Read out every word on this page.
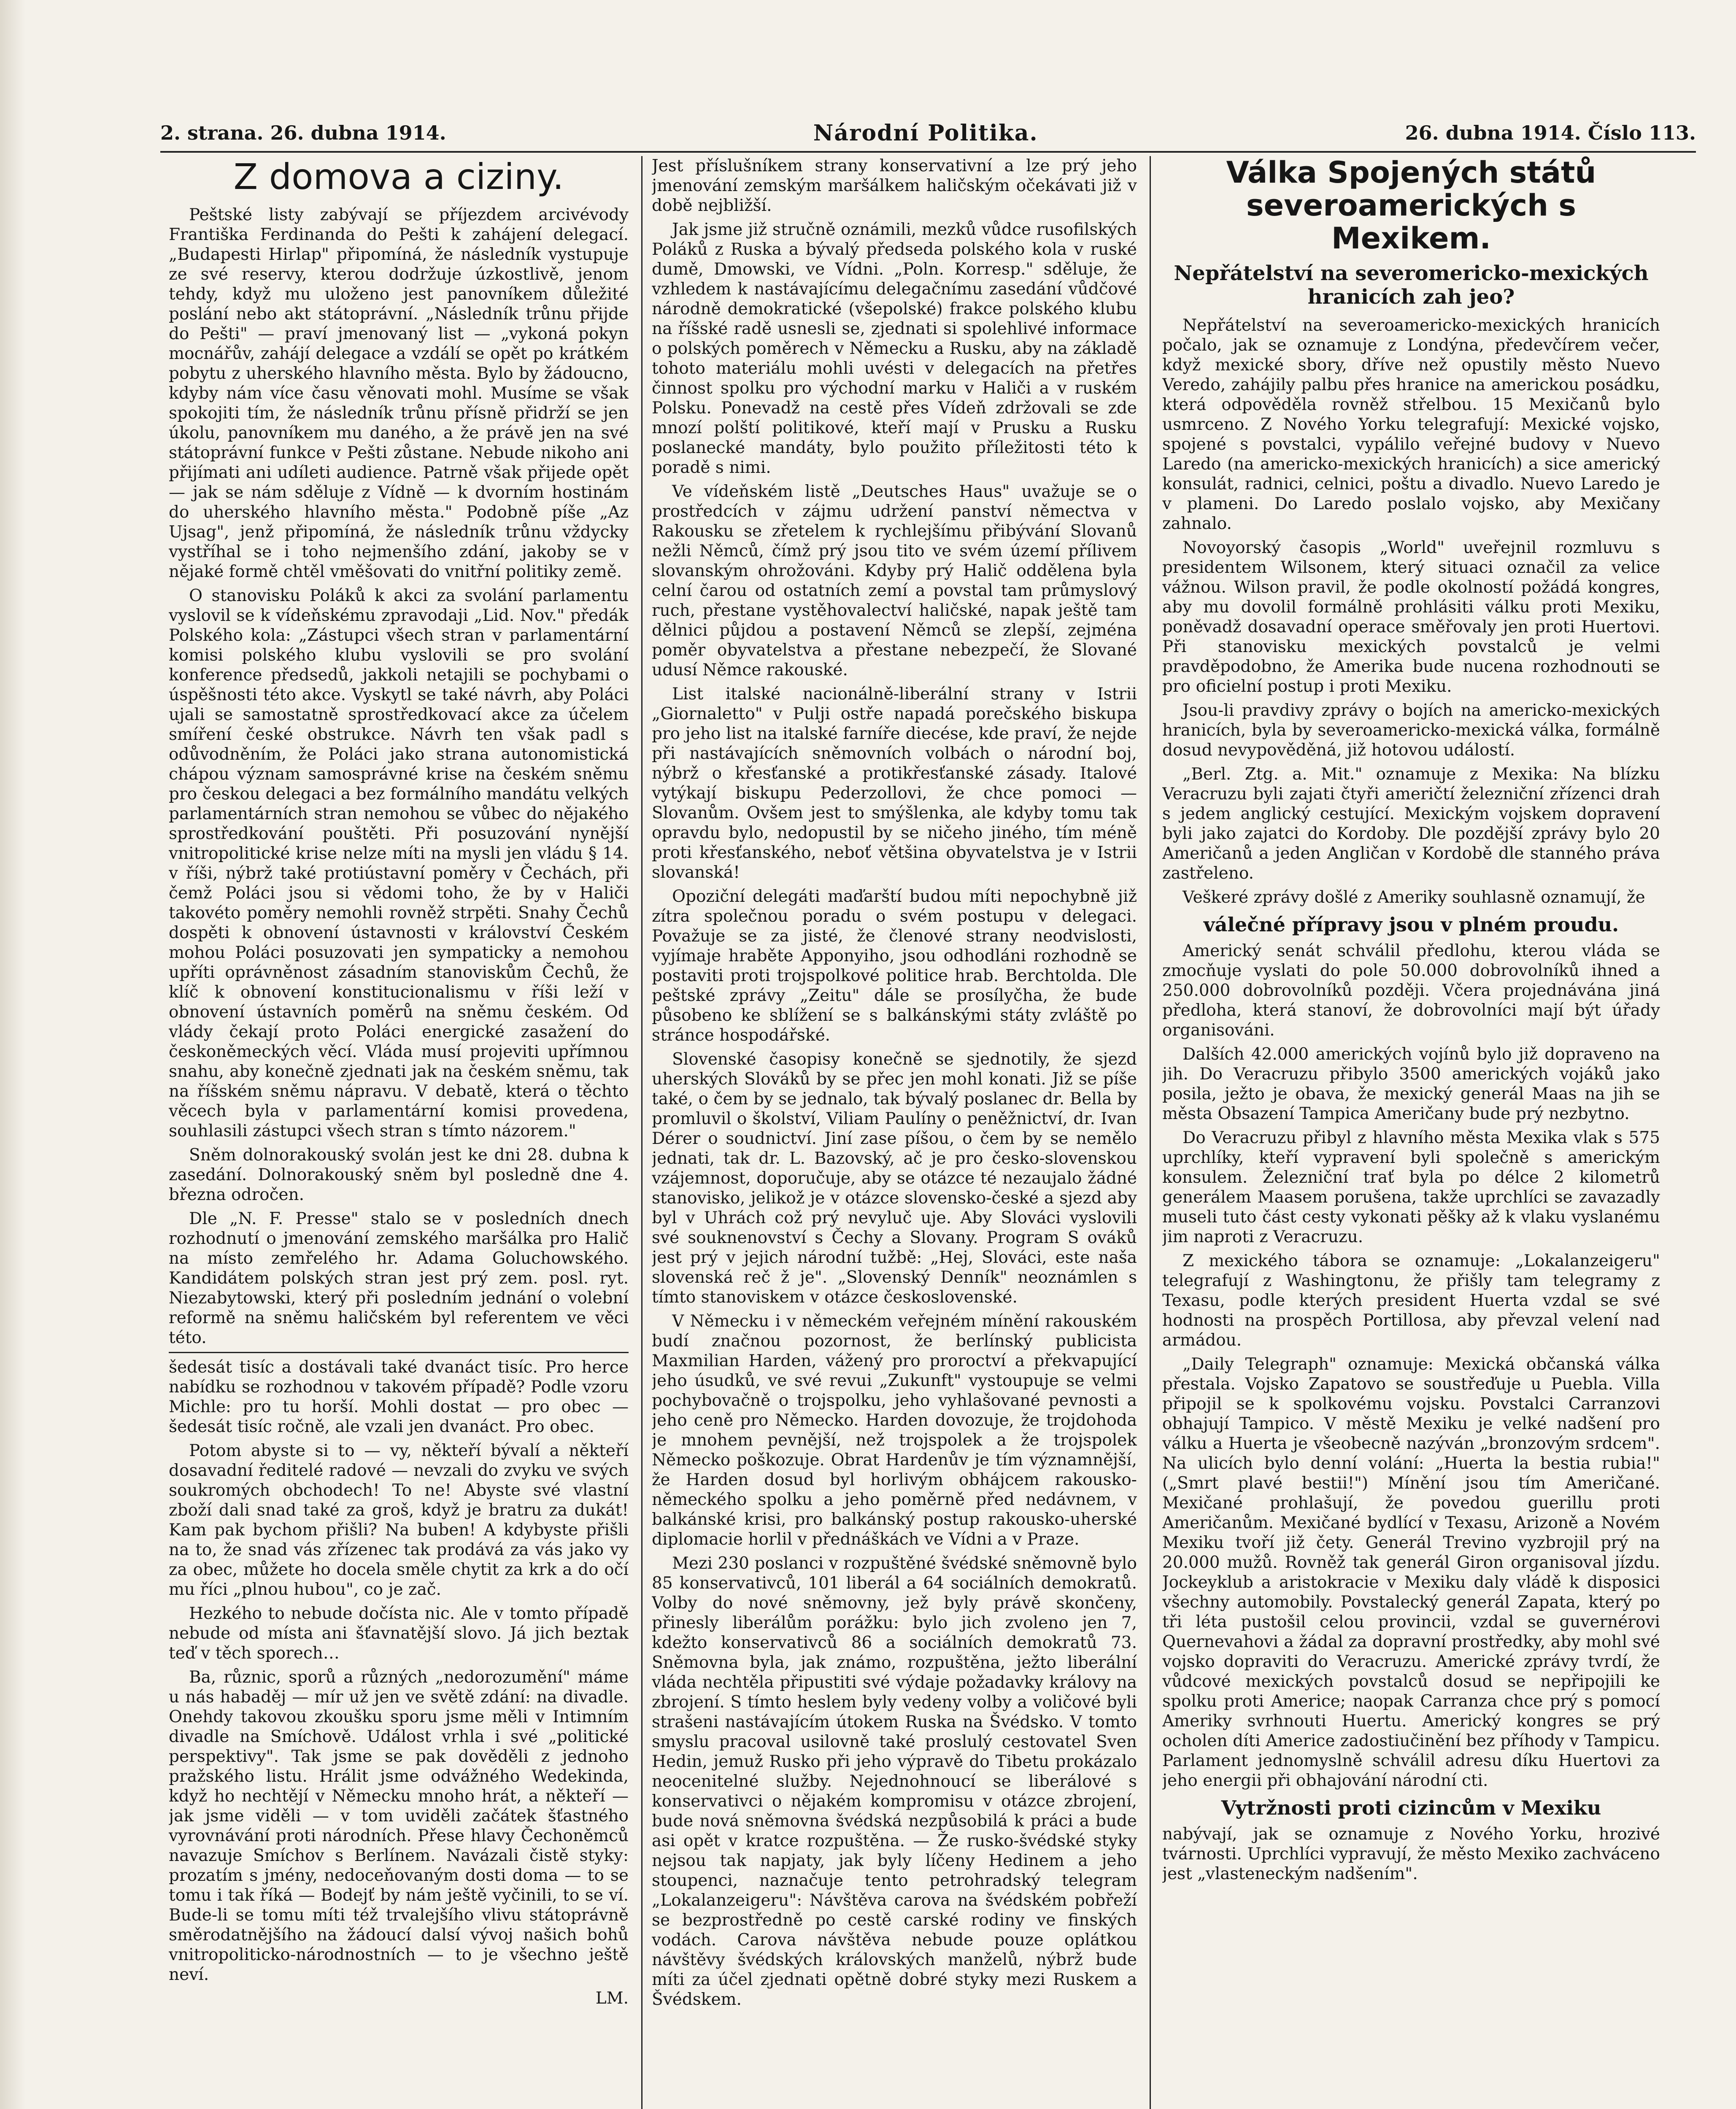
2. strana. 26. dubna 1914.	Národní Politika.	26. dubna 1914. Číslo 113.
Z domova a ciziny.

Peštské listy zabývají se příjezdem arcivévody Františka Ferdinanda do Pešti k zahájení delegací. „Budapesti Hirlap" připomíná, že následník vystupuje ze své reservy, kterou dodržuje úzkostlivě, jenom tehdy, když mu uloženo jest panovníkem důležité poslání nebo akt státoprávní. „Následník trůnu přijde do Pešti" — praví jmenovaný list — „vykoná pokyn mocnářův, zahájí delegace a vzdálí se opět po krátkém pobytu z uherského hlavního města. Bylo by žádoucno, kdyby nám více času věnovati mohl. Musíme se však spokojiti tím, že následník trůnu přísně přidrží se jen úkolu, panovníkem mu daného, a že právě jen na své státoprávní funkce v Pešti zůstane. Nebude nikoho ani přijímati ani udíleti audience. Patrně však přijede opět — jak se nám sděluje z Vídně — k dvorním hostinám do uherského hlavního města." Podobně píše „Az Ujsag", jenž připomíná, že následník trůnu vždycky vystříhal se i toho nejmenšího zdání, jakoby se v nějaké formě chtěl vměšovati do vnitřní politiky země.

O stanovisku Poláků k akci za svolání parlamentu vyslovil se k vídeňskému zpravodaji „Lid. Nov." předák Polského kola: „Zástupci všech stran v parlamentární komisi polského klubu vyslovili se pro svolání konference předsedů, jakkoli netajili se pochybami o úspěšnosti této akce. Vyskytl se také návrh, aby Poláci ujali se samostatně sprostředkovací akce za účelem smíření české obstrukce. Návrh ten však padl s odůvodněním, že Poláci jako strana autonomistická chápou význam samosprávné krise na českém sněmu pro českou delegaci a bez formálního mandátu velkých parlamentárních stran nemohou se vůbec do nějakého sprostředkování pouštěti. Při posuzování nynější vnitropolitické krise nelze míti na mysli jen vládu § 14. v říši, nýbrž také protiústavní poměry v Čechách, při čemž Poláci jsou si vědomi toho, že by v Haliči takovéto poměry nemohli rovněž strpěti. Snahy Čechů dospěti k obnovení ústavnosti v království Českém mohou Poláci posuzovati jen sympaticky a nemohou upříti oprávněnost zásadním stanoviskům Čechů, že klíč k obnovení konstitucionalismu v říši leží v obnovení ústavních poměrů na sněmu českém. Od vlády čekají proto Poláci energické zasažení do českoněmeckých věcí. Vláda musí projeviti upřímnou snahu, aby konečně zjednati jak na českém sněmu, tak na říšském sněmu nápravu. V debatě, která o těchto věcech byla v parlamentární komisi provedena, souhlasili zástupci všech stran s tímto názorem."

Sněm dolnorakouský svolán jest ke dni 28. dubna k zasedání. Dolnorakouský sněm byl posledně dne 4. března odročen.

Dle „N. F. Presse" stalo se v posledních dnech rozhodnutí o jmenování zemského maršálka pro Halič na místo zemřelého hr. Adama Goluchowského. Kandidátem polských stran jest prý zem. posl. ryt. Niezabytowski, který při posledním jednání o volební reformě na sněmu haličském byl referentem ve věci této.

šedesát tisíc a dostávali také dvanáct tisíc. Pro herce nabídku se rozhodnou v takovém případě? Podle vzoru Michle: pro tu horší. Mohli dostat — pro obec — šedesát tisíc ročně, ale vzali jen dvanáct. Pro obec.

Potom abyste si to — vy, někteří bývalí a někteří dosavadní ředitelé radové — nevzali do zvyku ve svých soukromých obchodech! To ne! Abyste své vlastní zboží dali snad také za groš, když je bratru za dukát! Kam pak bychom přišli? Na buben! A kdybyste přišli na to, že snad vás zřízenec tak prodává za vás jako vy za obec, můžete ho docela směle chytit za krk a do očí mu říci „plnou hubou", co je zač.

Hezkého to nebude dočísta nic. Ale v tomto případě nebude od místa ani šťavnatější slovo. Já jich beztak teď v těch sporech…

Ba, různic, sporů a různých „nedorozumění" máme u nás habaděj — mír už jen ve světě zdání: na divadle. Onehdy takovou zkoušku sporu jsme měli v Intimním divadle na Smíchově. Událost vrhla i své „politické perspektivy". Tak jsme se pak dověděli z jednoho pražského listu. Hrálit jsme odvážného Wedekinda, když ho nechtějí v Německu mnoho hrát, a někteří — jak jsme viděli — v tom uviděli začátek šťastného vyrovnávání proti národních. Přese hlavy Čechoněmců navazuje Smíchov s Berlínem. Navázali čistě styky: prozatím s jmény, nedoceňovaným dosti doma — to se tomu i tak říká — Bodejť by nám ještě vyčinili, to se ví. Bude-li se tomu míti též trvalejšího vlivu státoprávně směrodatnějšího na žádoucí dalsí vývoj našich bohů vnitropoliticko-národnostních — to je všechno ještě neví.

LM.

Jest příslušníkem strany konservativní a lze prý jeho jmenování zemským maršálkem haličským očekávati již v době nejbližší.

Jak jsme již stručně oznámili, mezků vůdce rusofilských Poláků z Ruska a bývalý předseda polského kola v ruské dumě, Dmowski, ve Vídni. „Poln. Korresp." sděluje, že vzhledem k nastávajícímu delegačnímu zasedání vůdčové národně demokratické (všepolské) frakce polského klubu na říšské radě usnesli se, zjednati si spolehlivé informace o polských poměrech v Německu a Rusku, aby na základě tohoto materiálu mohli uvésti v delegacích na přetřes činnost spolku pro východní marku v Haliči a v ruském Polsku. Ponevadž na cestě přes Vídeň zdržovali se zde mnozí polští politikové, kteří mají v Prusku a Rusku poslanecké mandáty, bylo použito příležitosti této k poradě s nimi.

Ve vídeňském listě „Deutsches Haus" uvažuje se o prostředcích v zájmu udržení panství němectva v Rakousku se zřetelem k rychlejšímu přibývání Slovanů nežli Němců, čímž prý jsou tito ve svém území přílivem slovanským ohrožováni. Kdyby prý Halič oddělena byla celní čarou od ostatních zemí a povstal tam průmyslový ruch, přestane vystěhovalectví haličské, napak ještě tam dělnici půjdou a postavení Němců se zlepší, zejména poměr obyvatelstva a přestane nebezpečí, že Slované udusí Němce rakouské.

List italské nacionálně-liberální strany v Istrii „Giornaletto" v Pulji ostře napadá porečského biskupa pro jeho list na italské farníře diecése, kde praví, že nejde při nastávajících sněmovních volbách o národní boj, nýbrž o křesťanské a protikřesťanské zásady. Italové vytýkají biskupu Pederzollovi, že chce pomoci — Slovanům. Ovšem jest to smýšlenka, ale kdyby tomu tak opravdu bylo, nedopustil by se ničeho jiného, tím méně proti křesťanského, neboť většina obyvatelstva je v Istrii slovanská!

Opoziční delegáti maďarští budou míti nepochybně již zítra společnou poradu o svém postupu v delegaci. Považuje se za jisté, že členové strany neodvislosti, vyjímaje hraběte Apponyiho, jsou odhodláni rozhodně se postaviti proti trojspolkové politice hrab. Berchtolda. Dle peštské zprávy „Zeitu" dále se prosílyčha, že bude působeno ke sblížení se s balkánskými státy zvláště po stránce hospodářské.

Slovenské časopisy konečně se sjednotily, že sjezd uherských Slováků by se přec jen mohl konati. Již se píše také, o čem by se jednalo, tak bývalý poslanec dr. Bella by promluvil o školství, Viliam Paulíny o peněžnictví, dr. Ivan Dérer o soudnictví. Jiní zase píšou, o čem by se nemělo jednati, tak dr. L. Bazovský, ač je pro česko-slovenskou vzájemnost, doporučuje, aby se otázce té nezaujalo žádné stanovisko, jelikož je v otázce slovensko-české a sjezd aby byl v Uhrách což prý nevyluč uje. Aby Slováci vyslovili své souknenovství s Čechy a Slovany. Program S ováků jest prý v jejich národní tužbě: „Hej, Slováci, este naša slovenská reč ž je". „Slovenský Denník" neoznámlen s tímto stanoviskem v otázce československé.

V Německu i v německém veřejném mínění rakouském budí značnou pozornost, že berlínský publicista Maxmilian Harden, vážený pro proroctví a překvapující jeho úsudků, ve své revui „Zukunft" vystoupuje se velmi pochybovačně o trojspolku, jeho vyhlašované pevnosti a jeho ceně pro Německo. Harden dovozuje, že trojdohoda je mnohem pevnější, než trojspolek a že trojspolek Německo poškozuje. Obrat Hardenův je tím významnější, že Harden dosud byl horlivým obhájcem rakousko-německého spolku a jeho poměrně před nedávnem, v balkánské krisi, pro balkánský postup rakousko-uherské diplomacie horlil v přednáškách ve Vídni a v Praze.

Mezi 230 poslanci v rozpuštěné švédské sněmovně bylo 85 konservativců, 101 liberál a 64 sociálních demokratů. Volby do nové sněmovny, jež byly právě skončeny, přinesly liberálům porážku: bylo jich zvoleno jen 7, kdežto konservativců 86 a sociálních demokratů 73. Sněmovna byla, jak známo, rozpuštěna, ježto liberální vláda nechtěla připustiti své výdaje požadavky královy na zbrojení. S tímto heslem byly vedeny volby a voličové byli strašeni nastávajícím útokem Ruska na Švédsko. V tomto smyslu pracoval usilovně také proslulý cestovatel Sven Hedin, jemuž Rusko při jeho výpravě do Tibetu prokázalo neocenitelné služby. Nejednohnoucí se liberálové s konservativci o nějakém kompromisu v otázce zbrojení, bude nová sněmovna švédská nezpůsobilá k práci a bude asi opět v kratce rozpuštěna. — Že rusko-švédské styky nejsou tak napjaty, jak byly líčeny Hedinem a jeho stoupenci, naznačuje tento petrohradský telegram „Lokalanzeigeru": Návštěva carova na švédském pobřeží se bezprostředně po cestě carské rodiny ve finských vodách. Carova návštěva nebude pouze oplátkou návštěvy švédských královských manželů, nýbrž bude míti za účel zjednati opětně dobré styky mezi Ruskem a Švédskem.

Válka Spojených států severoamerických s Mexikem.
Nepřátelství na severomericko-mexických hranicích zah jeo?

Nepřátelství na severoamericko-mexických hranicích počalo, jak se oznamuje z Londýna, předevčírem večer, když mexické sbory, dříve než opustily město Nuevo Veredo, zahájily palbu přes hranice na americkou posádku, která odpověděla rovněž střelbou. 15 Mexičanů bylo usmrceno. Z Nového Yorku telegrafují: Mexické vojsko, spojené s povstalci, vypálilo veřejné budovy v Nuevo Laredo (na americko-mexických hranicích) a sice americký konsulát, radnici, celnici, poštu a divadlo. Nuevo Laredo je v plameni. Do Laredo poslalo vojsko, aby Mexičany zahnalo.

Novoyorský časopis „World" uveřejnil rozmluvu s presidentem Wilsonem, který situaci označil za velice vážnou. Wilson pravil, že podle okolností požádá kongres, aby mu dovolil formálně prohlásiti válku proti Mexiku, poněvadž dosavadní operace směřovaly jen proti Huertovi. Při stanovisku mexických povstalců je velmi pravděpodobno, že Amerika bude nucena rozhodnouti se pro oficielní postup i proti Mexiku.

Jsou-li pravdivy zprávy o bojích na americko-mexických hranicích, byla by severoamericko-mexická válka, formálně dosud nevypověděná, již hotovou událostí.

„Berl. Ztg. a. Mit." oznamuje z Mexika: Na blízku Veracruzu byli zajati čtyři američtí železniční zřízenci drah s jedem anglický cestující. Mexickým vojskem dopravení byli jako zajatci do Kordoby. Dle pozdější zprávy bylo 20 Američanů a jeden Angličan v Kordobě dle stanného práva zastřeleno.

Veškeré zprávy došlé z Ameriky souhlasně oznamují, že

válečné přípravy jsou v plném proudu.

Americký senát schválil předlohu, kterou vláda se zmocňuje vyslati do pole 50.000 dobrovolníků ihned a 250.000 dobrovolníků později. Včera projednávána jiná předloha, která stanoví, že dobrovolníci mají být úřady organisováni.

Dalších 42.000 amerických vojínů bylo již dopraveno na jih. Do Veracruzu přibylo 3500 amerických vojáků jako posila, ježto je obava, že mexický generál Maas na jih se města Obsazení Tampica Američany bude prý nezbytno.

Do Veracruzu přibyl z hlavního města Mexika vlak s 575 uprchlíky, kteří vypravení byli společně s americkým konsulem. Železniční trať byla po délce 2 kilometrů generálem Maasem porušena, takže uprchlíci se zavazadly museli tuto část cesty vykonati pěšky až k vlaku vyslanému jim naproti z Veracruzu.

Z mexického tábora se oznamuje: „Lokalanzeigeru" telegrafují z Washingtonu, že přišly tam telegramy z Texasu, podle kterých president Huerta vzdal se své hodnosti na prospěch Portillosa, aby převzal velení nad armádou.

„Daily Telegraph" oznamuje: Mexická občanská válka přestala. Vojsko Zapatovo se soustřeďuje u Puebla. Villa připojil se k spolkovému vojsku. Povstalci Carranzovi obhajují Tampico. V městě Mexiku je velké nadšení pro válku a Huerta je všeobecně nazýván „bronzovým srdcem". Na ulicích bylo denní volání: „Huerta la bestia rubia!" („Smrt plavé bestii!") Mínění jsou tím Američané. Mexičané prohlašují, že povedou guerillu proti Američanům. Mexičané bydlící v Texasu, Arizoně a Novém Mexiku tvoří již čety. Generál Trevino vyzbrojil prý na 20.000 mužů. Rovněž tak generál Giron organisoval jízdu. Jockeyklub a aristokracie v Mexiku daly vládě k disposici všechny automobily. Povstalecký generál Zapata, který po tři léta pustošil celou provincii, vzdal se guvernérovi Quernevahovi a žádal za dopravní prostředky, aby mohl své vojsko dopraviti do Veracruzu. Americké zprávy tvrdí, že vůdcové mexických povstalců dosud se nepřipojili ke spolku proti Americe; naopak Carranza chce prý s pomocí Ameriky svrhnouti Huertu. Americký kongres se prý ocholen díti Americe zadostiučinění bez příhody v Tampicu. Parlament jednomyslně schválil adresu díku Huertovi za jeho energii při obhajování národní cti.

Vytržnosti proti cizincům v Mexiku

nabývají, jak se oznamuje z Nového Yorku, hrozivé tvárnosti. Uprchlíci vypravují, že město Mexiko zachváceno jest „vlasteneckým nadšením".
